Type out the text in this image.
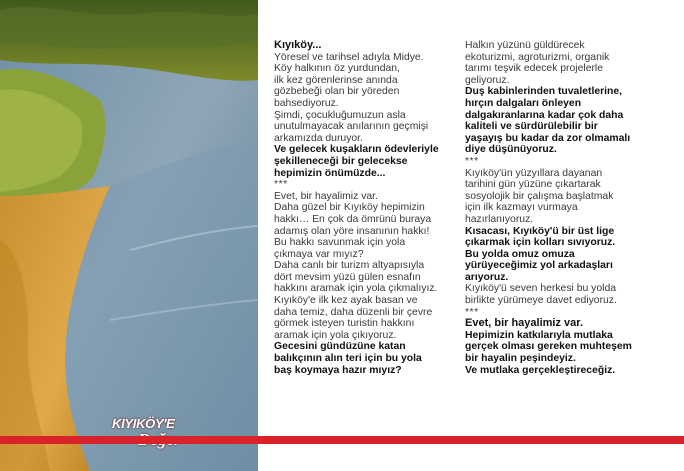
KIYIKÖY'E

Kıyıköy...

Yöresel ve tarihsel adıyla Midye.
Köy halkının öz yurdundan,
ilk kez görenlerinse anında
gözbebeği olan bir yöreden
bahsediyoruz.
Şimdi, çocukluğumuzun asla
unutulmayacak anılarının geçmişi
arkamızda duruyor.

Ve gelecek kuşakların ödevleriyle
şekilleneceği bir gelecekse
hepimizin önümüzde...

***

Evet, bir hayalimiz var.
Daha güzel bir Kıyıköy hepimizin
hakkı… En çok da ömrünü buraya
adamış olan yöre insanının hakkı!
Bu hakkı savunmak için yola
çıkmaya var mıyız?
Daha canlı bir turizm altyapısıyla
dört mevsim yüzü gülen esnafın
hakkını aramak için yola çıkmalıyız.
Kıyıköy'e ilk kez ayak basan ve
daha temiz, daha düzenli bir çevre
görmek isteyen turistin hakkını
aramak için yola çıkıyoruz.

Gecesini gündüzüne katan
balıkçının alın teri için bu yola
baş koymaya hazır mıyız?

Halkın yüzünü güldürecek
ekoturizmi, agroturizmi, organik
tarımı teşvik edecek projelerle
geliyoruz.

Duş kabinlerinden tuvaletlerine,
hırçın dalgaları önleyen
dalgakıranlarına kadar çok daha
kaliteli ve sürdürülebilir bir
yaşayış bu kadar da zor olmamalı
diye düşünüyoruz.

***

Kıyıköy'ün yüzyıllara dayanan
tarihini gün yüzüne çıkartarak
sosyolojik bir çalışma başlatmak
için ilk kazmayı vurmaya
hazırlanıyoruz.

Kısacası, Kıyıköy'ü bir üst lige
çıkarmak için kolları sıvıyoruz.
Bu yolda omuz omuza
yürüyeceğimiz yol arkadaşları
arıyoruz.

Kıyıköy'ü seven herkesi bu yolda
birlikte yürümeye davet ediyoruz.

***

Evet, bir hayalimiz var.

Hepimizin katkılarıyla mutlaka
gerçek olması gereken muhteşem
bir hayalin peşindeyiz.
Ve mutlaka gerçekleştireceğiz.
